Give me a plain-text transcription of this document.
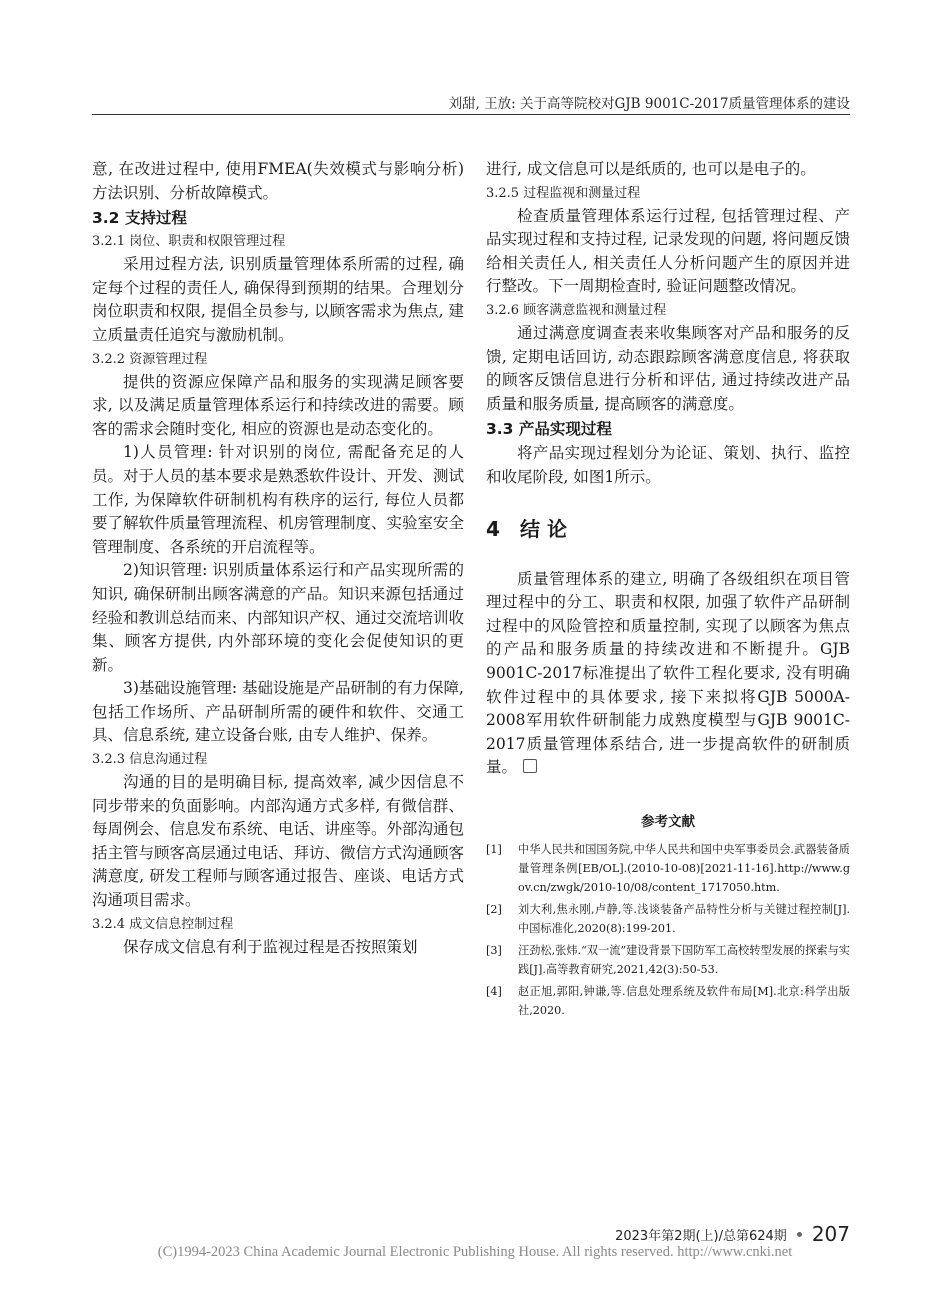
刘甜, 王放: 关于高等院校对GJB 9001C-2017质量管理体系的建设

意, 在改进过程中, 使用FMEA(失效模式与影响分析)方法识别、分析故障模式。

3.2 支持过程
3.2.1 岗位、职责和权限管理过程

采用过程方法, 识别质量管理体系所需的过程, 确定每个过程的责任人, 确保得到预期的结果。合理划分岗位职责和权限, 提倡全员参与, 以顾客需求为焦点, 建立质量责任追究与激励机制。

3.2.2 资源管理过程

提供的资源应保障产品和服务的实现满足顾客要求, 以及满足质量管理体系运行和持续改进的需要。顾客的需求会随时变化, 相应的资源也是动态变化的。

1)人员管理: 针对识别的岗位, 需配备充足的人员。对于人员的基本要求是熟悉软件设计、开发、测试工作, 为保障软件研制机构有秩序的运行, 每位人员都要了解软件质量管理流程、机房管理制度、实验室安全管理制度、各系统的开启流程等。

2)知识管理: 识别质量体系运行和产品实现所需的知识, 确保研制出顾客满意的产品。知识来源包括通过经验和教训总结而来、内部知识产权、通过交流培训收集、顾客方提供, 内外部环境的变化会促使知识的更新。

3)基础设施管理: 基础设施是产品研制的有力保障, 包括工作场所、产品研制所需的硬件和软件、交通工具、信息系统, 建立设备台账, 由专人维护、保养。

3.2.3 信息沟通过程

沟通的目的是明确目标, 提高效率, 减少因信息不同步带来的负面影响。内部沟通方式多样, 有微信群、每周例会、信息发布系统、电话、讲座等。外部沟通包括主管与顾客高层通过电话、拜访、微信方式沟通顾客满意度, 研发工程师与顾客通过报告、座谈、电话方式沟通项目需求。

3.2.4 成文信息控制过程

保存成文信息有利于监视过程是否按照策划

进行, 成文信息可以是纸质的, 也可以是电子的。

3.2.5 过程监视和测量过程

检查质量管理体系运行过程, 包括管理过程、产品实现过程和支持过程, 记录发现的问题, 将问题反馈给相关责任人, 相关责任人分析问题产生的原因并进行整改。下一周期检查时, 验证问题整改情况。

3.2.6 顾客满意监视和测量过程

通过满意度调查表来收集顾客对产品和服务的反馈, 定期电话回访, 动态跟踪顾客满意度信息, 将获取的顾客反馈信息进行分析和评估, 通过持续改进产品质量和服务质量, 提高顾客的满意度。

3.3 产品实现过程

将产品实现过程划分为论证、策划、执行、监控和收尾阶段, 如图1所示。

4 结 论

质量管理体系的建立, 明确了各级组织在项目管理过程中的分工、职责和权限, 加强了软件产品研制过程中的风险管控和质量控制, 实现了以顾客为焦点的产品和服务质量的持续改进和不断提升。GJB 9001C-2017标准提出了软件工程化要求, 没有明确软件过程中的具体要求, 接下来拟将GJB 5000A-2008军用软件研制能力成熟度模型与GJB 9001C-2017质量管理体系结合, 进一步提高软件的研制质量。

参考文献
[1]	中华人民共和国国务院,中华人民共和国中央军事委员会.武器装备质量管理条例[EB/OL].(2010-10-08)[2021-11-16].http://www.gov.cn/zwgk/2010-10/08/content_1717050.htm.
[2]	刘大利,焦永刚,卢静,等.浅谈装备产品特性分析与关键过程控制[J].中国标准化,2020(8):199-201.
[3]	汪劲松,张炜.“双一流”建设背景下国防军工高校转型发展的探索与实践[J].高等教育研究,2021,42(3):50-53.
[4]	赵正旭,郭阳,钟谦,等.信息处理系统及软件布局[M].北京:科学出版社,2020.
2023年第2期(上)/总第624期 207
(C)1994-2023 China Academic Journal Electronic Publishing House. All rights reserved. http://www.cnki.net
